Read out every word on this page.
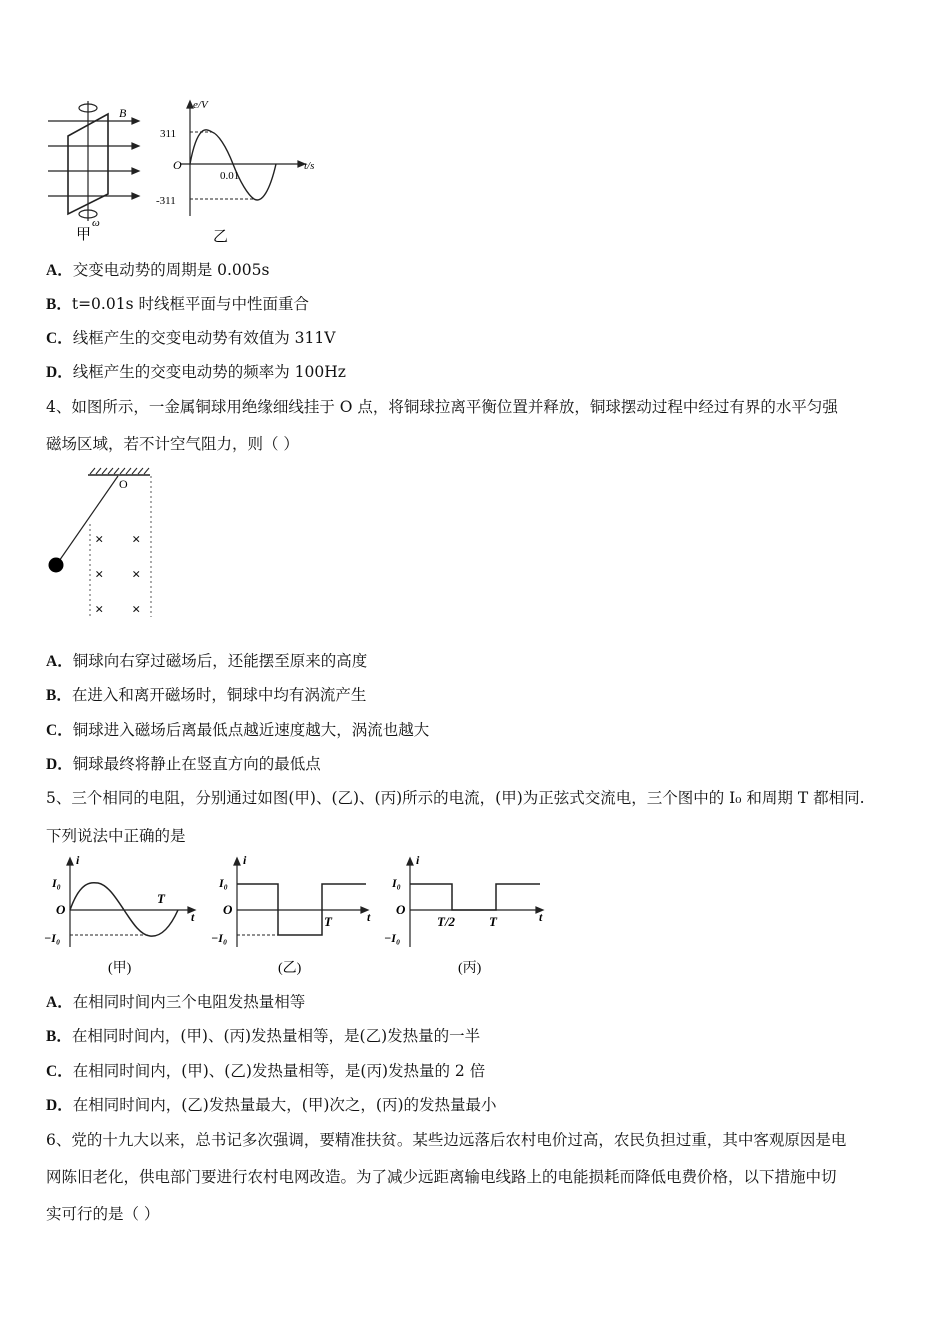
B
ω
甲
e/V
t/s
O
311
-311
0.01
乙
A．交变电动势的周期是 0.005s
B．t=0.01s 时线框平面与中性面重合
C．线框产生的交变电动势有效值为 311V
D．线框产生的交变电动势的频率为 100Hz
4、如图所示，一金属铜球用绝缘细线挂于 O 点，将铜球拉离平衡位置并释放，铜球摆动过程中经过有界的水平匀强
磁场区域，若不计空气阻力，则（ ）
O
× ×
× ×
× ×
A．铜球向右穿过磁场后，还能摆至原来的高度
B．在进入和离开磁场时，铜球中均有涡流产生
C．铜球进入磁场后离最低点越近速度越大，涡流也越大
D．铜球最终将静止在竖直方向的最低点
5、三个相同的电阻，分别通过如图(甲)、(乙)、(丙)所示的电流，(甲)为正弦式交流电，三个图中的 I₀ 和周期 T 都相同.
下列说法中正确的是
i
I₀
O
−I₀
T
t
(甲)
i
I₀
O
−I₀
T	t
(乙)
i
I₀
O
−I₀
T/2	T	t
(丙)
A．在相同时间内三个电阻发热量相等
B．在相同时间内，(甲)、(丙)发热量相等，是(乙)发热量的一半
C．在相同时间内，(甲)、(乙)发热量相等，是(丙)发热量的 2 倍
D．在相同时间内，(乙)发热量最大，(甲)次之，(丙)的发热量最小
6、党的十九大以来，总书记多次强调，要精准扶贫。某些边远落后农村电价过高，农民负担过重，其中客观原因是电
网陈旧老化，供电部门要进行农村电网改造。为了减少远距离输电线路上的电能损耗而降低电费价格，以下措施中切
实可行的是（ ）
